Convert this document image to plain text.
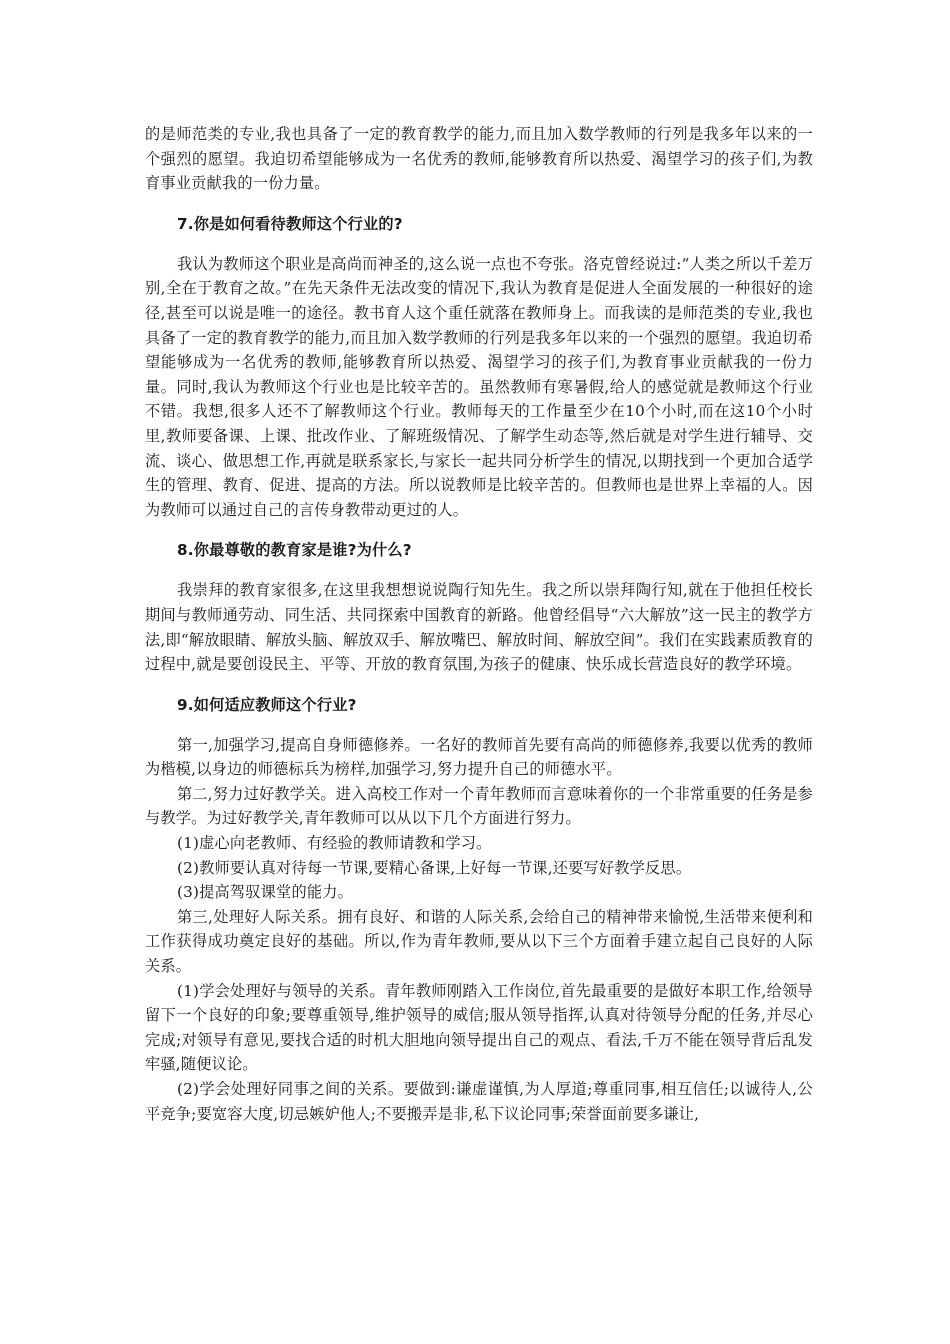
的是师范类的专业,我也具备了一定的教育教学的能力,而且加入数学教师的行列是我多年以来的一个强烈的愿望。我迫切希望能够成为一名优秀的教师,能够教育所以热爱、渴望学习的孩子们,为教育事业贡献我的一份力量。

7.你是如何看待教师这个行业的?

我认为教师这个职业是高尚而神圣的,这么说一点也不夸张。洛克曾经说过:“人类之所以千差万别,全在于教育之故。”在先天条件无法改变的情况下,我认为教育是促进人全面发展的一种很好的途径,甚至可以说是唯一的途径。教书育人这个重任就落在教师身上。而我读的是师范类的专业,我也具备了一定的教育教学的能力,而且加入数学教师的行列是我多年以来的一个强烈的愿望。我迫切希望能够成为一名优秀的教师,能够教育所以热爱、渴望学习的孩子们,为教育事业贡献我的一份力量。同时,我认为教师这个行业也是比较辛苦的。虽然教师有寒暑假,给人的感觉就是教师这个行业不错。我想,很多人还不了解教师这个行业。教师每天的工作量至少在10个小时,而在这10个小时里,教师要备课、上课、批改作业、了解班级情况、了解学生动态等,然后就是对学生进行辅导、交流、谈心、做思想工作,再就是联系家长,与家长一起共同分析学生的情况,以期找到一个更加合适学生的管理、教育、促进、提高的方法。所以说教师是比较辛苦的。但教师也是世界上幸福的人。因为教师可以通过自己的言传身教带动更过的人。

8.你最尊敬的教育家是谁?为什么?

我崇拜的教育家很多,在这里我想想说说陶行知先生。我之所以崇拜陶行知,就在于他担任校长期间与教师通劳动、同生活、共同探索中国教育的新路。他曾经倡导“六大解放”这一民主的教学方法,即“解放眼睛、解放头脑、解放双手、解放嘴巴、解放时间、解放空间”。我们在实践素质教育的过程中,就是要创设民主、平等、开放的教育氛围,为孩子的健康、快乐成长营造良好的教学环境。

9.如何适应教师这个行业?

第一,加强学习,提高自身师德修养。一名好的教师首先要有高尚的师德修养,我要以优秀的教师为楷模,以身边的师德标兵为榜样,加强学习,努力提升自己的师德水平。

第二,努力过好教学关。进入高校工作对一个青年教师而言意味着你的一个非常重要的任务是参与教学。为过好教学关,青年教师可以从以下几个方面进行努力。

(1)虚心向老教师、有经验的教师请教和学习。

(2)教师要认真对待每一节课,要精心备课,上好每一节课,还要写好教学反思。

(3)提高驾驭课堂的能力。

第三,处理好人际关系。拥有良好、和谐的人际关系,会给自己的精神带来愉悦,生活带来便利和工作获得成功奠定良好的基础。所以,作为青年教师,要从以下三个方面着手建立起自己良好的人际关系。

(1)学会处理好与领导的关系。青年教师刚踏入工作岗位,首先最重要的是做好本职工作,给领导留下一个良好的印象;要尊重领导,维护领导的威信;服从领导指挥,认真对待领导分配的任务,并尽心完成;对领导有意见,要找合适的时机大胆地向领导提出自己的观点、看法,千万不能在领导背后乱发牢骚,随便议论。

(2)学会处理好同事之间的关系。要做到:谦虚谨慎,为人厚道;尊重同事,相互信任;以诚待人,公平竞争;要宽容大度,切忌嫉妒他人;不要搬弄是非,私下议论同事;荣誉面前要多谦让,
